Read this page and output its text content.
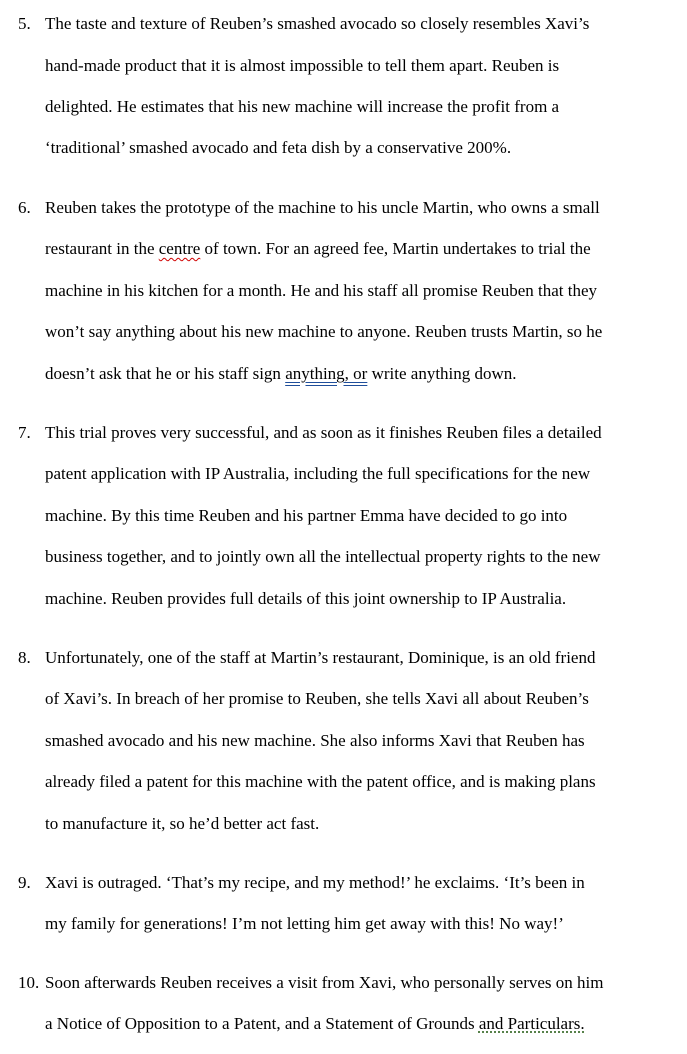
5. The taste and texture of Reuben’s smashed avocado so closely resembles Xavi’s
hand-made product that it is almost impossible to tell them apart. Reuben is
delighted. He estimates that his new machine will increase the profit from a
‘traditional’ smashed avocado and feta dish by a conservative 200%.
6. Reuben takes the prototype of the machine to his uncle Martin, who owns a small
restaurant in the centre of town. For an agreed fee, Martin undertakes to trial the
machine in his kitchen for a month. He and his staff all promise Reuben that they
won’t say anything about his new machine to anyone. Reuben trusts Martin, so he
doesn’t ask that he or his staff sign anything, or write anything down.
7. This trial proves very successful, and as soon as it finishes Reuben files a detailed
patent application with IP Australia, including the full specifications for the new
machine. By this time Reuben and his partner Emma have decided to go into
business together, and to jointly own all the intellectual property rights to the new
machine. Reuben provides full details of this joint ownership to IP Australia.
8. Unfortunately, one of the staff at Martin’s restaurant, Dominique, is an old friend
of Xavi’s. In breach of her promise to Reuben, she tells Xavi all about Reuben’s
smashed avocado and his new machine. She also informs Xavi that Reuben has
already filed a patent for this machine with the patent office, and is making plans
to manufacture it, so he’d better act fast.
9. Xavi is outraged. ‘That’s my recipe, and my method!’ he exclaims. ‘It’s been in
my family for generations! I’m not letting him get away with this! No way!’
10. Soon afterwards Reuben receives a visit from Xavi, who personally serves on him
a Notice of Opposition to a Patent, and a Statement of Grounds and Particulars.
